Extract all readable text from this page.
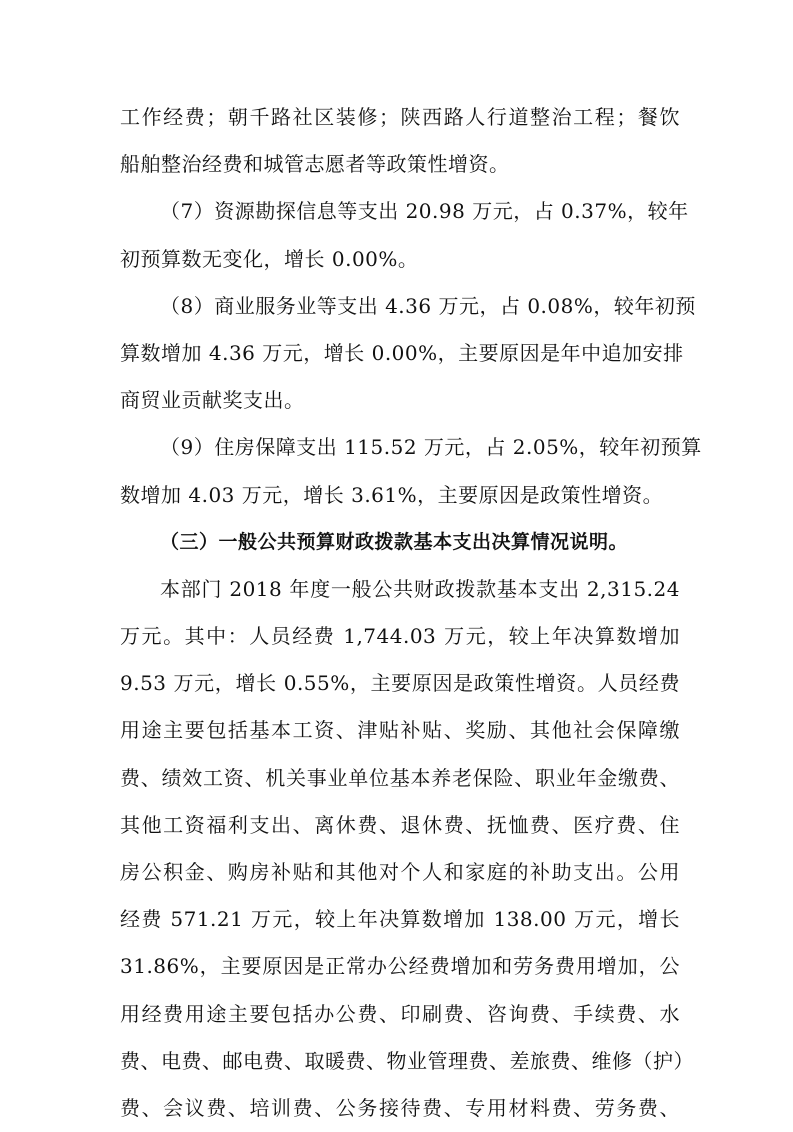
工作经费；朝千路社区装修；陕西路人行道整治工程；餐饮
船舶整治经费和城管志愿者等政策性增资。
（7）资源勘探信息等支出 20.98 万元，占 0.37%，较年
初预算数无变化，增长 0.00%。
（8）商业服务业等支出 4.36 万元，占 0.08%，较年初预
算数增加 4.36 万元，增长 0.00%，主要原因是年中追加安排
商贸业贡献奖支出。
（9）住房保障支出 115.52 万元，占 2.05%，较年初预算
数增加 4.03 万元，增长 3.61%，主要原因是政策性增资。
（三）一般公共预算财政拨款基本支出决算情况说明。
本部门 2018 年度一般公共财政拨款基本支出 2,315.24
万元。其中：人员经费 1,744.03 万元，较上年决算数增加
9.53 万元，增长 0.55%，主要原因是政策性增资。人员经费
用途主要包括基本工资、津贴补贴、奖励、其他社会保障缴
费、绩效工资、机关事业单位基本养老保险、职业年金缴费、
其他工资福利支出、离休费、退休费、抚恤费、医疗费、住
房公积金、购房补贴和其他对个人和家庭的补助支出。公用
经费 571.21 万元，较上年决算数增加 138.00 万元，增长
31.86%，主要原因是正常办公经费增加和劳务费用增加，公
用经费用途主要包括办公费、印刷费、咨询费、手续费、水
费、电费、邮电费、取暖费、物业管理费、差旅费、维修（护）
费、会议费、培训费、公务接待费、专用材料费、劳务费、
